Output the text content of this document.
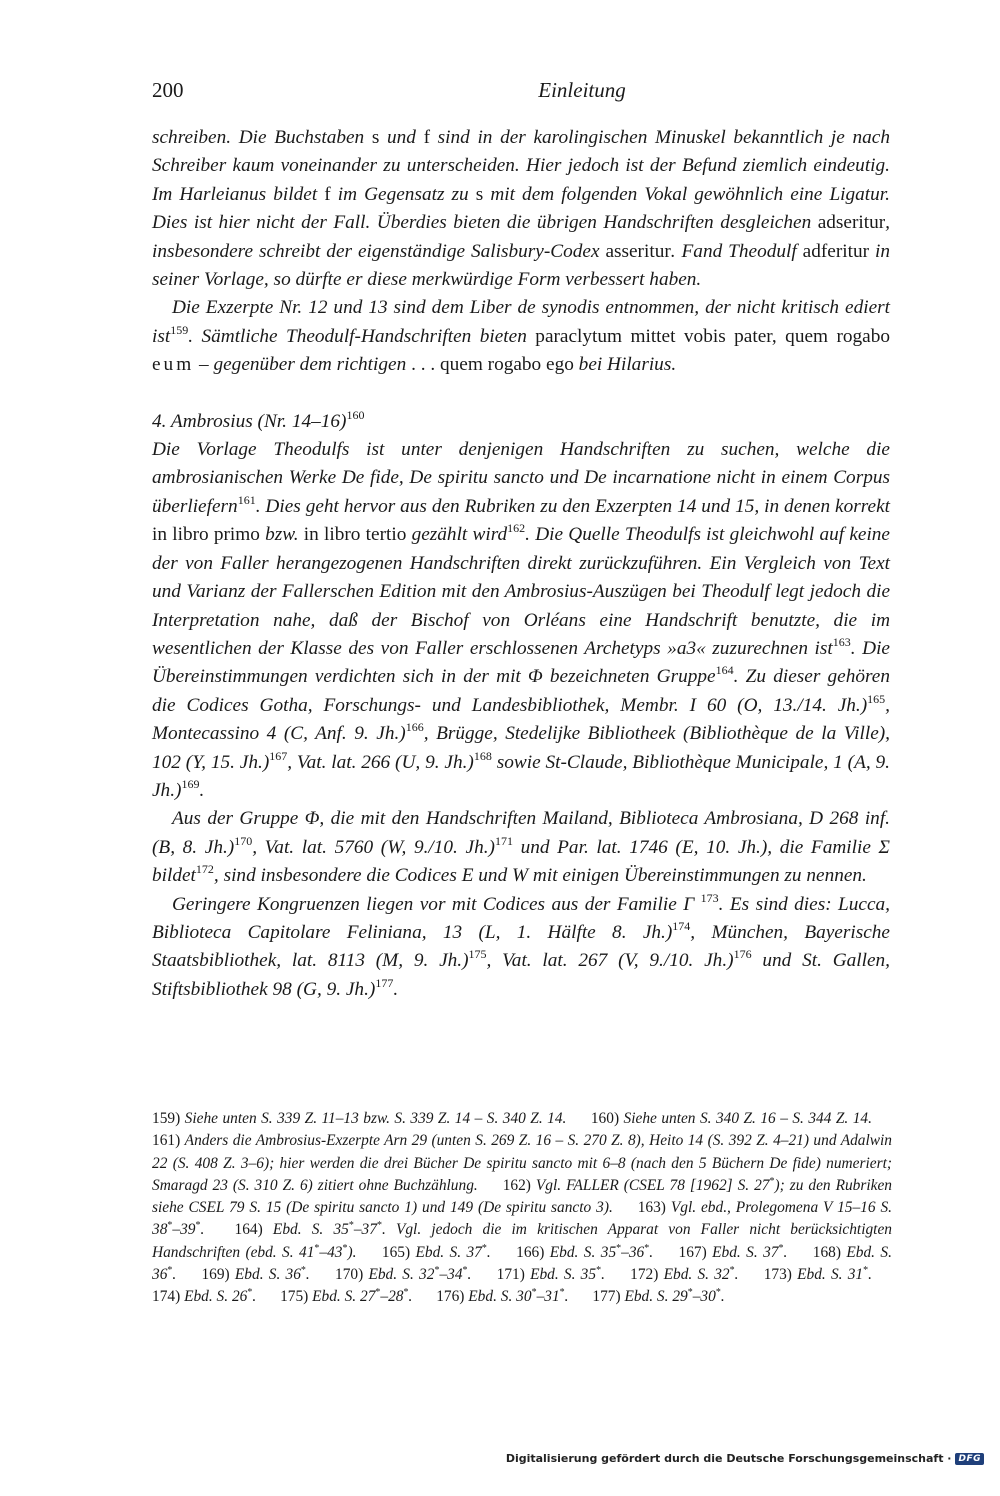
200	Einleitung

schreiben. Die Buchstaben s und f sind in der karolingischen Minuskel bekanntlich je nach Schreiber kaum voneinander zu unterscheiden. Hier jedoch ist der Befund ziemlich eindeutig. Im Harleianus bildet f im Gegensatz zu s mit dem folgenden Vokal gewöhnlich eine Ligatur. Dies ist hier nicht der Fall. Überdies bieten die übrigen Handschriften desgleichen adseritur, insbesondere schreibt der eigenständige Salisbury-Codex asseritur. Fand Theodulf adferitur in seiner Vorlage, so dürfte er diese merkwürdige Form verbessert haben.

Die Exzerpte Nr. 12 und 13 sind dem Liber de synodis entnommen, der nicht kritisch ediert ist$^{159}$. Sämtliche Theodulf-Handschriften bieten paraclytum mittet vobis pater, quem rogabo eum – gegenüber dem richtigen . . . quem rogabo ego bei Hilarius.

4. Ambrosius (Nr. 14–16)$^{160}$

Die Vorlage Theodulfs ist unter denjenigen Handschriften zu suchen, welche die ambrosianischen Werke De fide, De spiritu sancto und De incarnatione nicht in einem Corpus überliefern$^{161}$. Dies geht hervor aus den Rubriken zu den Exzerpten 14 und 15, in denen korrekt in libro primo bzw. in libro tertio gezählt wird$^{162}$. Die Quelle Theodulfs ist gleichwohl auf keine der von Faller herangezogenen Handschriften direkt zurückzuführen. Ein Vergleich von Text und Varianz der Fallerschen Edition mit den Ambrosius-Auszügen bei Theodulf legt jedoch die Interpretation nahe, daß der Bischof von Orléans eine Handschrift benutzte, die im wesentlichen der Klasse des von Faller erschlossenen Archetyps »a3« zuzurechnen ist$^{163}$. Die Übereinstimmungen verdichten sich in der mit Φ bezeichneten Gruppe$^{164}$. Zu dieser gehören die Codices Gotha, Forschungs- und Landesbibliothek, Membr. I 60 (O, 13./14. Jh.)$^{165}$, Montecassino 4 (C, Anf. 9. Jh.)$^{166}$, Brügge, Stedelijke Bibliotheek (Bibliothèque de la Ville), 102 (Y, 15. Jh.)$^{167}$, Vat. lat. 266 (U, 9. Jh.)$^{168}$ sowie St-Claude, Bibliothèque Municipale, 1 (A, 9. Jh.)$^{169}$.

Aus der Gruppe Φ, die mit den Handschriften Mailand, Biblioteca Ambrosiana, D 268 inf. (B, 8. Jh.)$^{170}$, Vat. lat. 5760 (W, 9./10. Jh.)$^{171}$ und Par. lat. 1746 (E, 10. Jh.), die Familie Σ bildet$^{172}$, sind insbesondere die Codices E und W mit einigen Übereinstimmungen zu nennen.

Geringere Kongruenzen liegen vor mit Codices aus der Familie Γ $^{173}$. Es sind dies: Lucca, Biblioteca Capitolare Feliniana, 13 (L, 1. Hälfte 8. Jh.)$^{174}$, München, Bayerische Staatsbibliothek, lat. 8113 (M, 9. Jh.)$^{175}$, Vat. lat. 267 (V, 9./10. Jh.)$^{176}$ und St. Gallen, Stiftsbibliothek 98 (G, 9. Jh.)$^{177}$.

159) Siehe unten S. 339 Z. 11–13 bzw. S. 339 Z. 14 – S. 340 Z. 14. 160) Siehe unten S. 340 Z. 16 – S. 344 Z. 14. 161) Anders die Ambrosius-Exzerpte Arn 29 (unten S. 269 Z. 16 – S. 270 Z. 8), Heito 14 (S. 392 Z. 4–21) und Adalwin 22 (S. 408 Z. 3–6); hier werden die drei Bücher De spiritu sancto mit 6–8 (nach den 5 Büchern De fide) numeriert; Smaragd 23 (S. 310 Z. 6) zitiert ohne Buchzählung. 162) Vgl. FALLER (CSEL 78 [1962] S. 27*); zu den Rubriken siehe CSEL 79 S. 15 (De spiritu sancto 1) und 149 (De spiritu sancto 3). 163) Vgl. ebd., Prolegomena V 15–16 S. 38*–39*. 164) Ebd. S. 35*–37*. Vgl. jedoch die im kritischen Apparat von Faller nicht berücksichtigten Handschriften (ebd. S. 41*–43*). 165) Ebd. S. 37*. 166) Ebd. S. 35*–36*. 167) Ebd. S. 37*. 168) Ebd. S. 36*. 169) Ebd. S. 36*. 170) Ebd. S. 32*–34*. 171) Ebd. S. 35*. 172) Ebd. S. 32*. 173) Ebd. S. 31*. 174) Ebd. S. 26*. 175) Ebd. S. 27*–28*. 176) Ebd. S. 30*–31*. 177) Ebd. S. 29*–30*.

Digitalisierung gefördert durch die Deutsche Forschungsgemeinschaft · DFG
